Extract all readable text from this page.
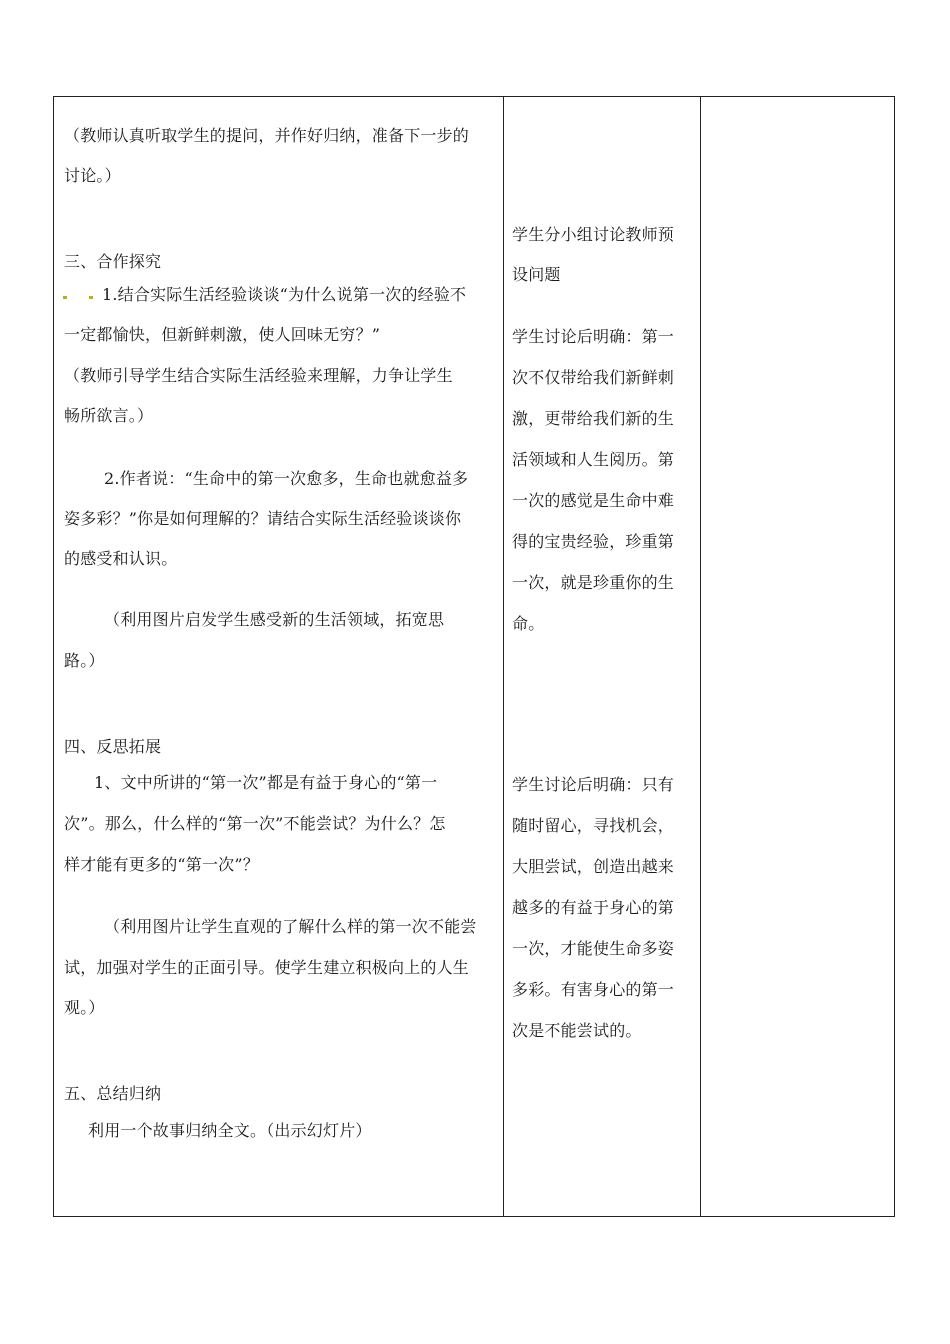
（教师认真听取学生的提问，并作好归纳，准备下一步的
讨论。）
三、合作探究
1.结合实际生活经验谈谈“为什么说第一次的经验不
一定都愉快，但新鲜刺激，使人回味无穷？”
（教师引导学生结合实际生活经验来理解，力争让学生
畅所欲言。）
2.作者说：“生命中的第一次愈多，生命也就愈益多
姿多彩？”你是如何理解的？请结合实际生活经验谈谈你
的感受和认识。
（利用图片启发学生感受新的生活领域，拓宽思
路。）
四、反思拓展
1、文中所讲的“第一次”都是有益于身心的“第一
次”。那么，什么样的“第一次”不能尝试？为什么？怎
样才能有更多的“第一次”？
（利用图片让学生直观的了解什么样的第一次不能尝
试，加强对学生的正面引导。使学生建立积极向上的人生
观。）
五、总结归纳
利用一个故事归纳全文。（出示幻灯片）
学生分小组讨论教师预
设问题
学生讨论后明确：第一
次不仅带给我们新鲜刺
激，更带给我们新的生
活领域和人生阅历。第
一次的感觉是生命中难
得的宝贵经验，珍重第
一次，就是珍重你的生
命。
学生讨论后明确：只有
随时留心，寻找机会，
大胆尝试，创造出越来
越多的有益于身心的第
一次，才能使生命多姿
多彩。有害身心的第一
次是不能尝试的。
